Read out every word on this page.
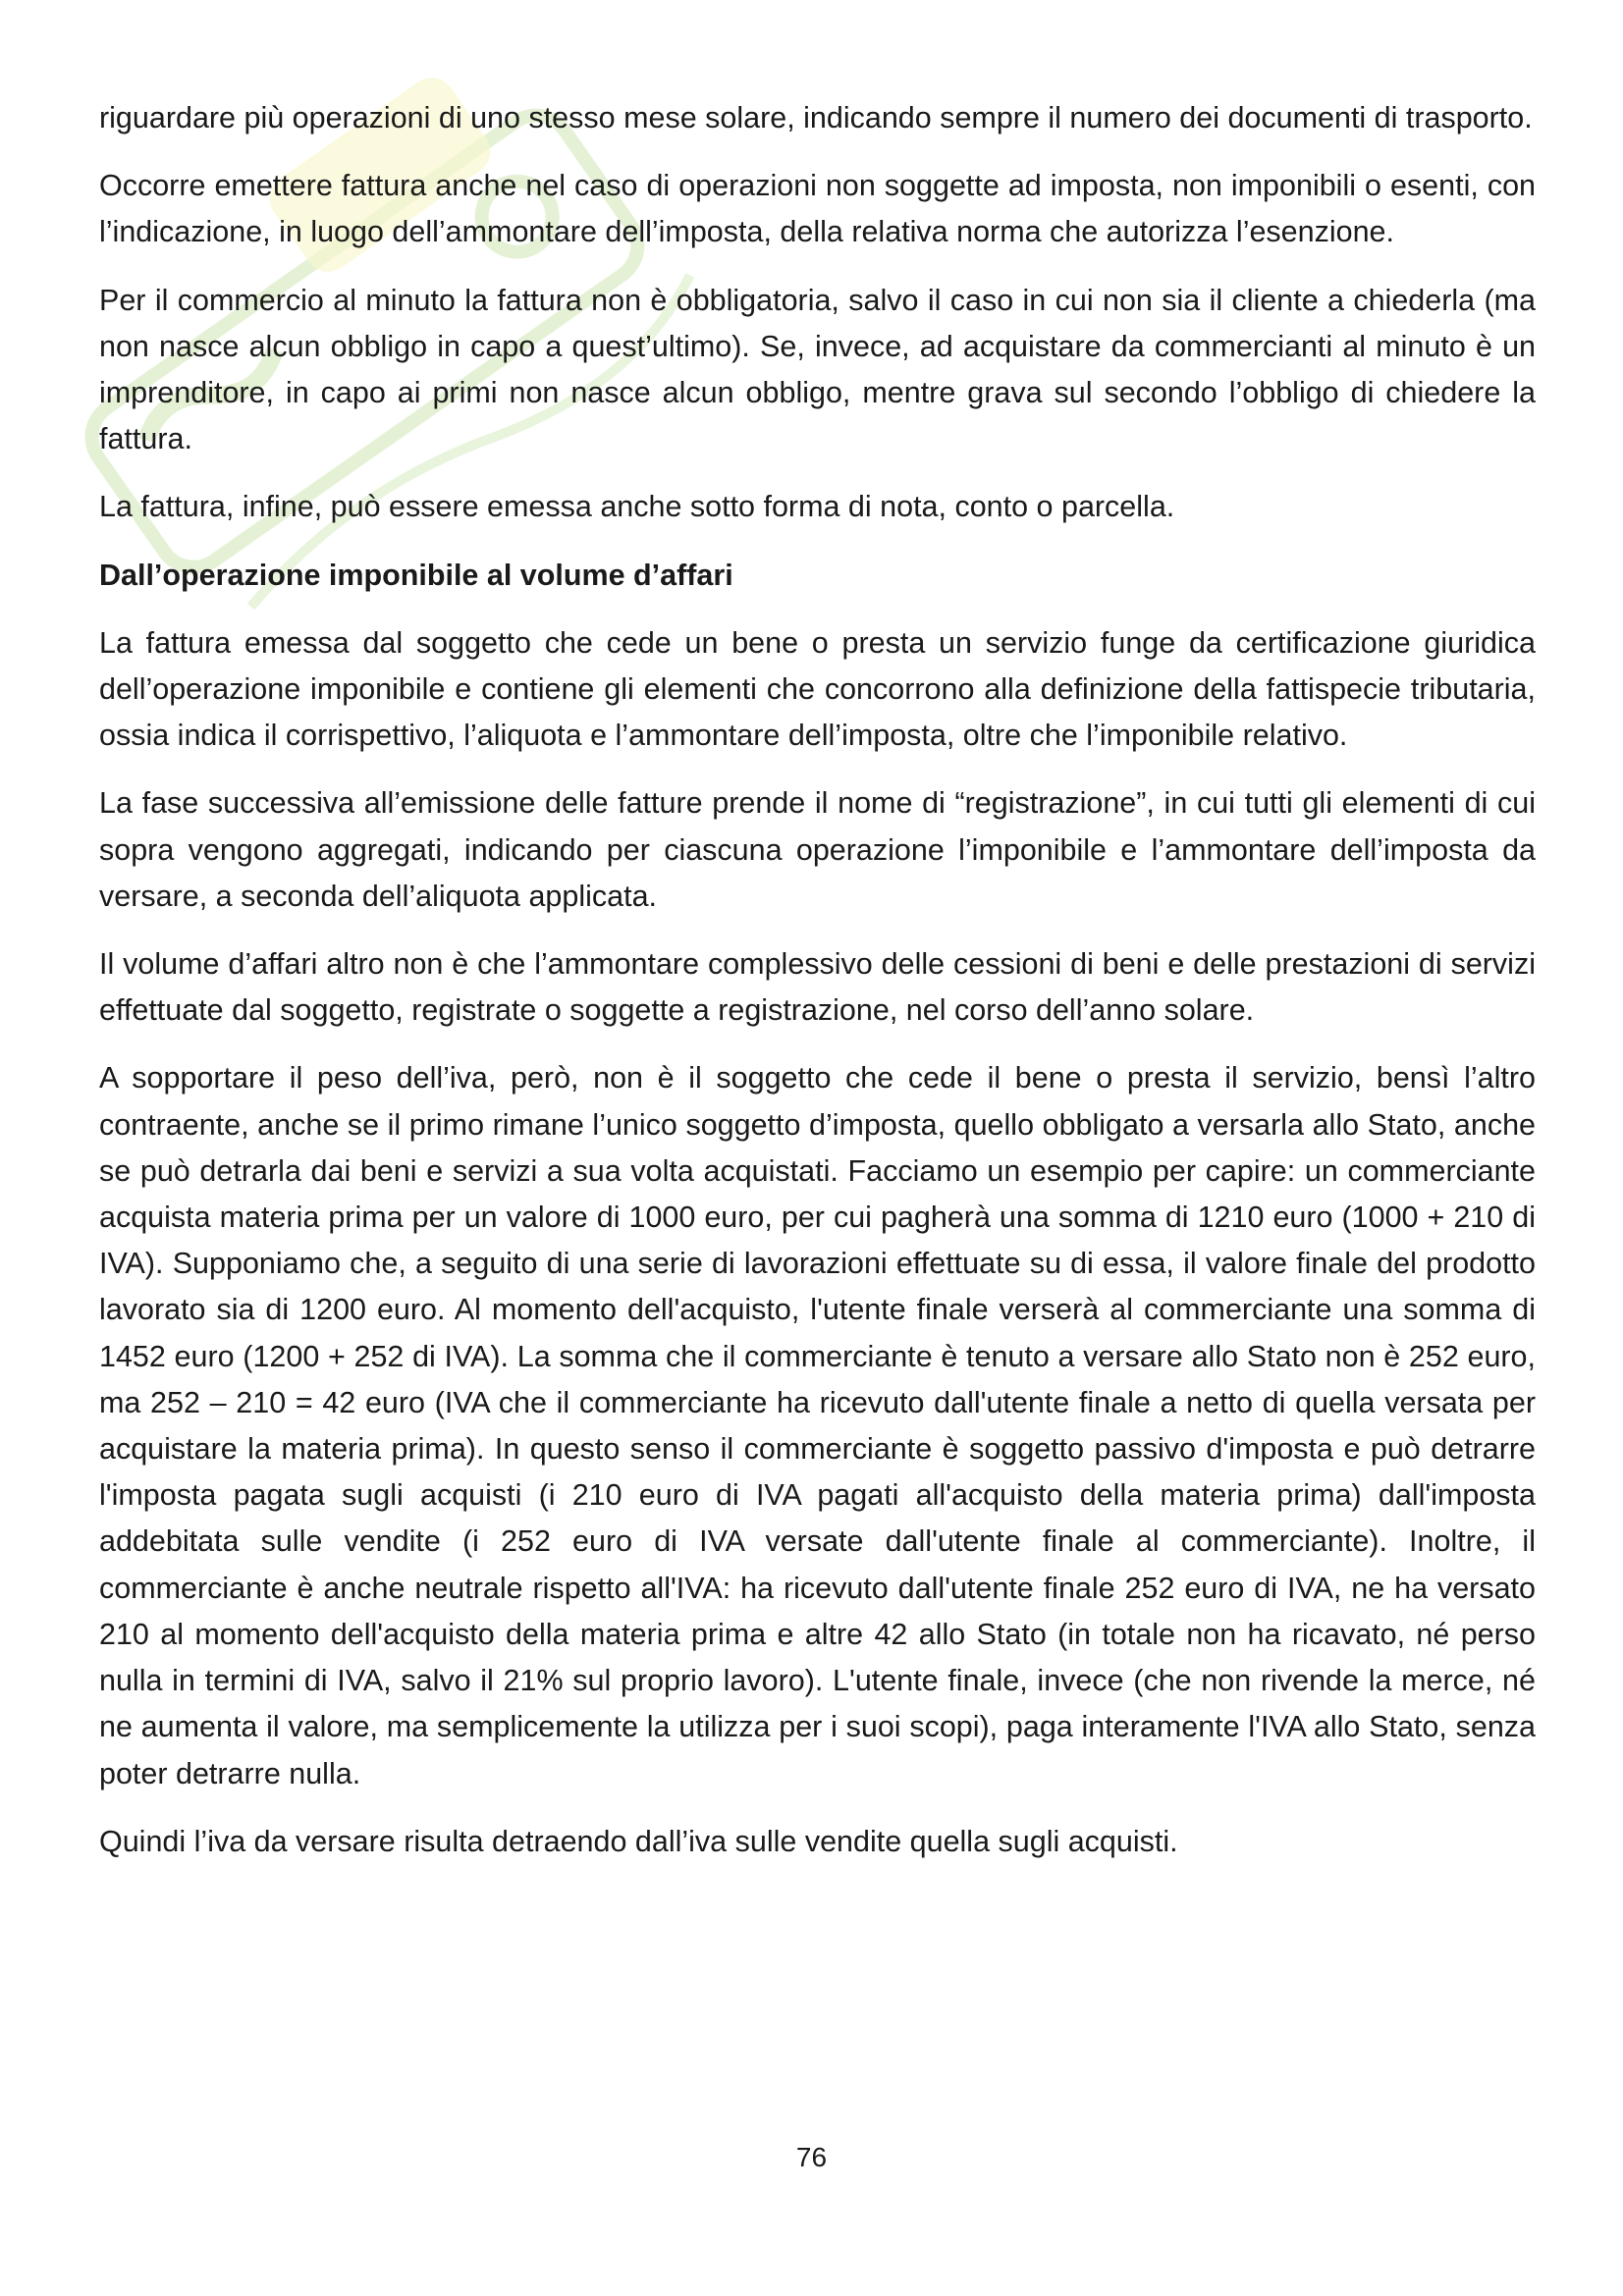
riguardare più operazioni di uno stesso mese solare, indicando sempre il numero dei documenti di trasporto.

Occorre emettere fattura anche nel caso di operazioni non soggette ad imposta, non imponibili o esenti, con l’indicazione, in luogo dell’ammontare dell’imposta, della relativa norma che autorizza l’esenzione.

Per il commercio al minuto la fattura non è obbligatoria, salvo il caso in cui non sia il cliente a chiederla (ma non nasce alcun obbligo in capo a quest’ultimo). Se, invece, ad acquistare da commercianti al minuto è un imprenditore, in capo ai primi non nasce alcun obbligo, mentre grava sul secondo l’obbligo di chiedere la fattura.

La fattura, infine, può essere emessa anche sotto forma di nota, conto o parcella.

Dall’operazione imponibile al volume d’affari

La fattura emessa dal soggetto che cede un bene o presta un servizio funge da certificazione giuridica dell’operazione imponibile e contiene gli elementi che concorrono alla definizione della fattispecie tributaria, ossia indica il corrispettivo, l’aliquota e l’ammontare dell’imposta, oltre che l’imponibile relativo.

La fase successiva all’emissione delle fatture prende il nome di “registrazione”, in cui tutti gli elementi di cui sopra vengono aggregati, indicando per ciascuna operazione l’imponibile e l’ammontare dell’imposta da versare, a seconda dell’aliquota applicata.

Il volume d’affari altro non è che l’ammontare complessivo delle cessioni di beni e delle prestazioni di servizi effettuate dal soggetto, registrate o soggette a registrazione, nel corso dell’anno solare.

A sopportare il peso dell’iva, però, non è il soggetto che cede il bene o presta il servizio, bensì l’altro contraente, anche se il primo rimane l’unico soggetto d’imposta, quello obbligato a versarla allo Stato, anche se può detrarla dai beni e servizi a sua volta acquistati. Facciamo un esempio per capire: un commerciante acquista materia prima per un valore di 1000 euro, per cui pagherà una somma di 1210 euro (1000 + 210 di IVA). Supponiamo che, a seguito di una serie di lavorazioni effettuate su di essa, il valore finale del prodotto lavorato sia di 1200 euro. Al momento dell'acquisto, l'utente finale verserà al commerciante una somma di 1452 euro (1200 + 252 di IVA). La somma che il commerciante è tenuto a versare allo Stato non è 252 euro, ma 252 – 210 = 42 euro (IVA che il commerciante ha ricevuto dall'utente finale a netto di quella versata per acquistare la materia prima). In questo senso il commerciante è soggetto passivo d'imposta e può detrarre l'imposta pagata sugli acquisti (i 210 euro di IVA pagati all'acquisto della materia prima) dall'imposta addebitata sulle vendite (i 252 euro di IVA versate dall'utente finale al commerciante). Inoltre, il commerciante è anche neutrale rispetto all'IVA: ha ricevuto dall'utente finale 252 euro di IVA, ne ha versato 210 al momento dell'acquisto della materia prima e altre 42 allo Stato (in totale non ha ricavato, né perso nulla in termini di IVA, salvo il 21% sul proprio lavoro). L'utente finale, invece (che non rivende la merce, né ne aumenta il valore, ma semplicemente la utilizza per i suoi scopi), paga interamente l'IVA allo Stato, senza poter detrarre nulla.

Quindi l’iva da versare risulta detraendo dall’iva sulle vendite quella sugli acquisti.

76
